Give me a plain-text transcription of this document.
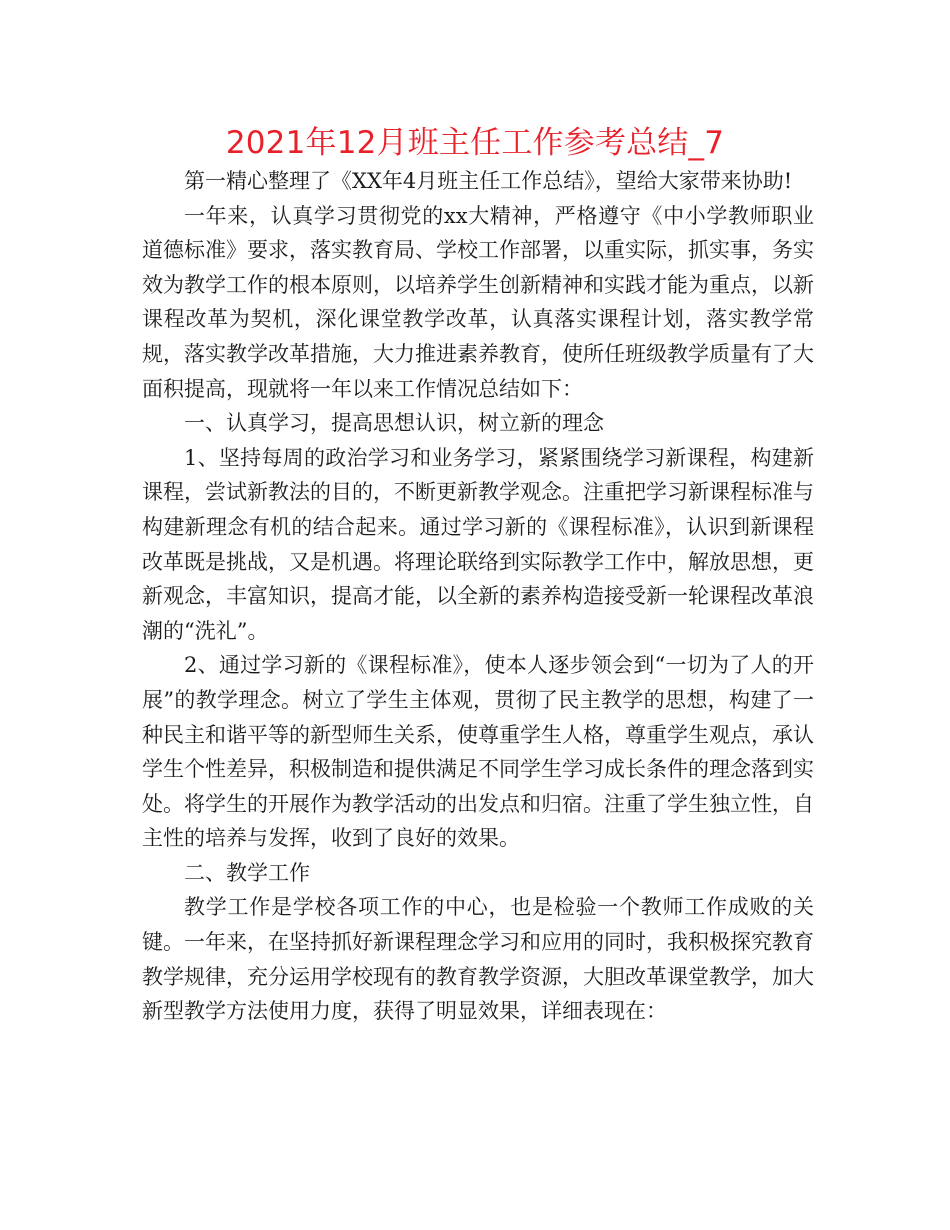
2021年12月班主任工作参考总结_7

第一精心整理了《XX年4月班主任工作总结》，望给大家带来协助!

一年来，认真学习贯彻党的xx大精神，严格遵守《中小学教师职业道德标准》要求，落实教育局、学校工作部署，以重实际，抓实事，务实效为教学工作的根本原则，以培养学生创新精神和实践才能为重点，以新课程改革为契机，深化课堂教学改革，认真落实课程计划，落实教学常规，落实教学改革措施，大力推进素养教育，使所任班级教学质量有了大面积提高，现就将一年以来工作情况总结如下：

一、认真学习，提高思想认识，树立新的理念

1、坚持每周的政治学习和业务学习，紧紧围绕学习新课程，构建新课程，尝试新教法的目的，不断更新教学观念。注重把学习新课程标准与构建新理念有机的结合起来。通过学习新的《课程标准》，认识到新课程改革既是挑战，又是机遇。将理论联络到实际教学工作中，解放思想，更新观念，丰富知识，提高才能，以全新的素养构造接受新一轮课程改革浪潮的“洗礼”。

2、通过学习新的《课程标准》，使本人逐步领会到“一切为了人的开展”的教学理念。树立了学生主体观，贯彻了民主教学的思想，构建了一种民主和谐平等的新型师生关系，使尊重学生人格，尊重学生观点，承认学生个性差异，积极制造和提供满足不同学生学习成长条件的理念落到实处。将学生的开展作为教学活动的出发点和归宿。注重了学生独立性，自主性的培养与发挥，收到了良好的效果。

二、教学工作

教学工作是学校各项工作的中心，也是检验一个教师工作成败的关键。一年来，在坚持抓好新课程理念学习和应用的同时，我积极探究教育教学规律，充分运用学校现有的教育教学资源，大胆改革课堂教学，加大新型教学方法使用力度，获得了明显效果，详细表现在：
